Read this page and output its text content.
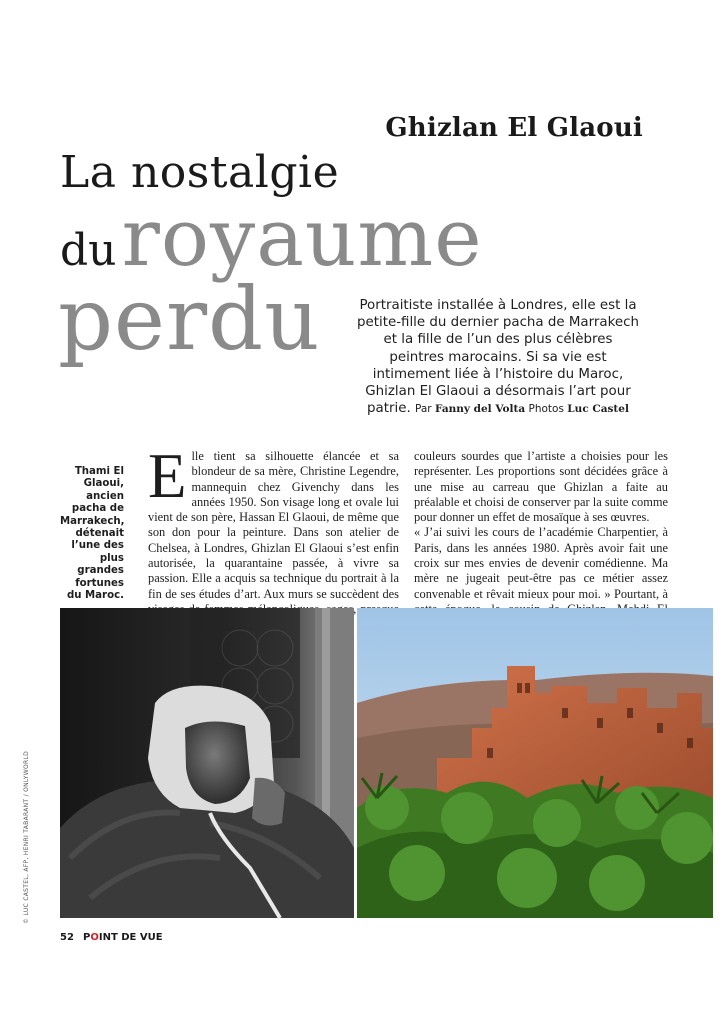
Ghizlan El Glaoui
La nostalgie
du royaume
perdu	Portraitiste installée à Londres, elle est la petite-fille du dernier pacha de Marrakech et la fille de l’un des plus célèbres peintres marocains. Si sa vie est intimement liée à l’histoire du Maroc, Ghizlan El Glaoui a désormais l’art pour patrie. Par Fanny del Volta Photos Luc Castel
Thami El Glaoui, ancien pacha de Marrakech, détenait l’une des plus grandes fortunes du Maroc.

Elle tient sa silhouette élancée et sa blondeur de sa mère, Christine Legendre, mannequin chez Givenchy dans les années 1950. Son visage long et ovale lui vient de son père, Hassan El Glaoui, de même que son don pour la peinture. Dans son atelier de Chelsea, à Londres, Ghizlan El Glaoui s’est enfin autorisée, la quarantaine passée, à vivre sa passion. Elle a acquis sa technique du portrait à la fin de ses études d’art. Aux murs se succèdent des

couleurs sourdes que l’artiste a choisies pour les représenter. Les proportions sont décidées grâce à une mise au carreau que Ghizlan a faite au préalable et choisi de conserver par la suite comme pour donner un effet de mosaïque à ses œuvres.

« J’ai suivi les cours de l’académie Charpentier, à Paris, dans les années 1980. Après avoir fait une croix sur mes envies de devenir comédienne. Ma mère ne jugeait peut-être pas ce métier assez convenable et rêvait mieux pour moi. » Pourtant, à

© LUC CASTEL, AFP, HENRI TABARANT / ONLYWORLD
52 POINT DE VUE
